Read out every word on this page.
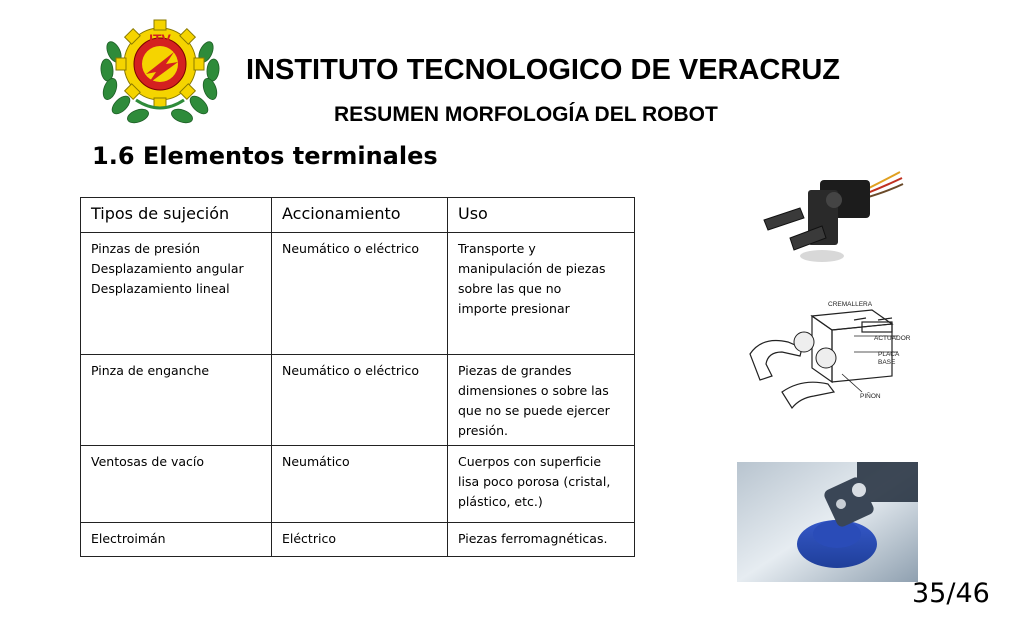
ITV
INSTITUTO TECNOLOGICO DE VERACRUZ
RESUMEN MORFOLOGÍA DEL ROBOT
1.6 Elementos terminales
Tipos de sujeción	Accionamiento	Uso

Pinzas de presión
Desplazamiento angular
Desplazamiento lineal	Neumático o eléctrico	Transporte y
manipulación de piezas
sobre las que no
importe presionar

Pinza de enganche	Neumático o eléctrico	Piezas de grandes
dimensiones o sobre las
que no se puede ejercer
presión.

Ventosas de vacío	Neumático	Cuerpos con superficie
lisa poco porosa (cristal,
plástico, etc.)

Electroimán	Eléctrico	Piezas ferromagnéticas.
CREMALLERA
ACTUADOR
PLACA
BASE
PIÑON
35/46
